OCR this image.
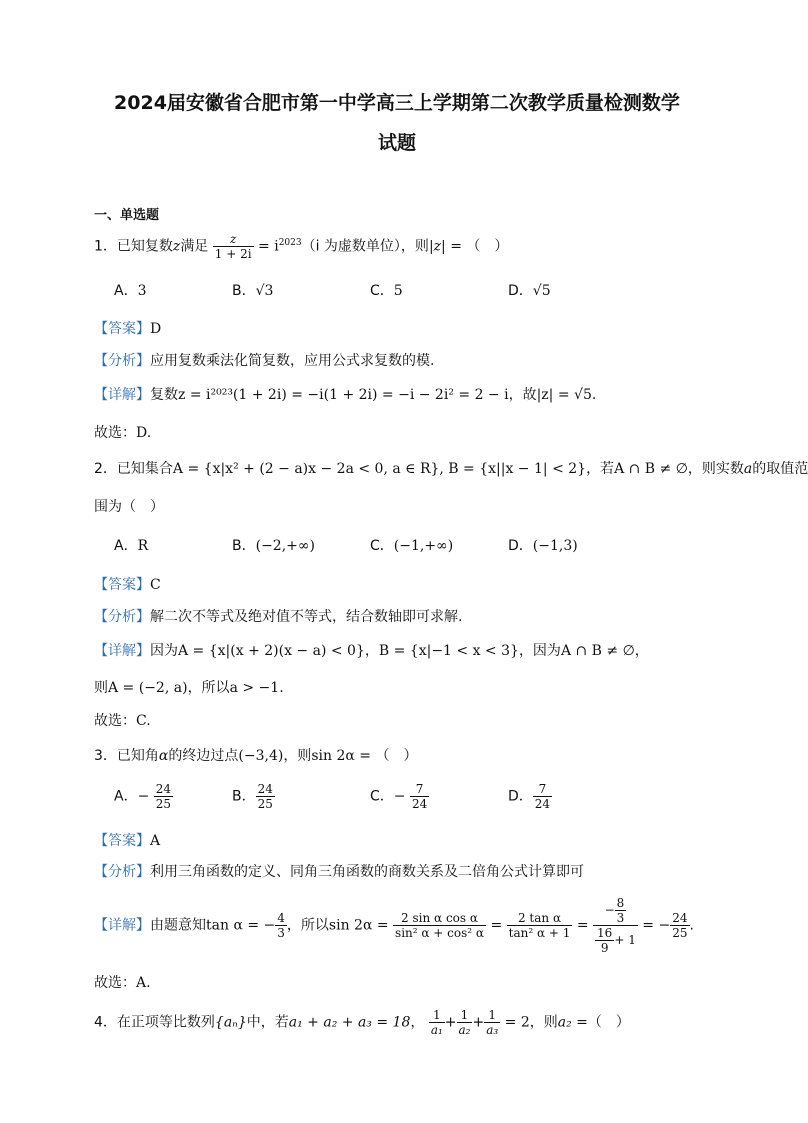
2024届安徽省合肥市第一中学高三上学期第二次教学质量检测数学
试题
一、单选题
1．已知复数z满足 $\frac{z}{1 + 2i} = i^{2023}(i$ 为虚数单位），则|z| = （　）
A．3	B．√3	C．5	D．√5
【答案】D
【分析】应用复数乘法化简复数，应用公式求复数的模.
【详解】复数z = i²⁰²³(1 + 2i) = −i(1 + 2i) = −i − 2i² = 2 − i，故|z| = √5.
故选：D.
2．已知集合A = {x|x² + (2 − a)x − 2a < 0, a ∈ R}, B = {x||x − 1| < 2}，若A ∩ B ≠ ∅，则实数a的取值范
围为（　）
A．R	B．(−2,+∞)	C．(−1,+∞)	D．(−1,3)
【答案】C
【分析】解二次不等式及绝对值不等式，结合数轴即可求解.
【详解】因为A = {x|(x + 2)(x − a) < 0}，B = {x|−1 < x < 3}，因为A ∩ B ≠ ∅，
则A = (−2, a)，所以a > −1.
故选：C.
3．已知角α的终边过点(−3,4)，则sin 2α = （　）
A．− $\frac{24}{25}$	B． $\frac{24}{25}$	C．− $\frac{7}{24}$	D． $\frac{7}{24}$
【答案】A
【分析】利用三角函数的定义、同角三角函数的商数关系及二倍角公式计算即可
【详解】由题意知tan α = − $\frac{4}{3}$ ，所以$\sin 2\alpha = \frac{\text{2 sin α cos α}}{\text{sin² α + cos² α}} = \frac{\text{2 tan α}}{\text{tan² α + 1}} = \frac{- \frac{8}{3}}{\frac{16}{9} + 1}$ = − $\frac{24}{25}$ .
故选：A.
4．在正项等比数列{aₙ}中，若a₁ + a₂ + a₃ = 18， $\frac{1}{\text{a₁}} + \frac{1}{\text{a₂}} + \frac{1}{\text{a₃}} = 2$，则a₂ =（　）
